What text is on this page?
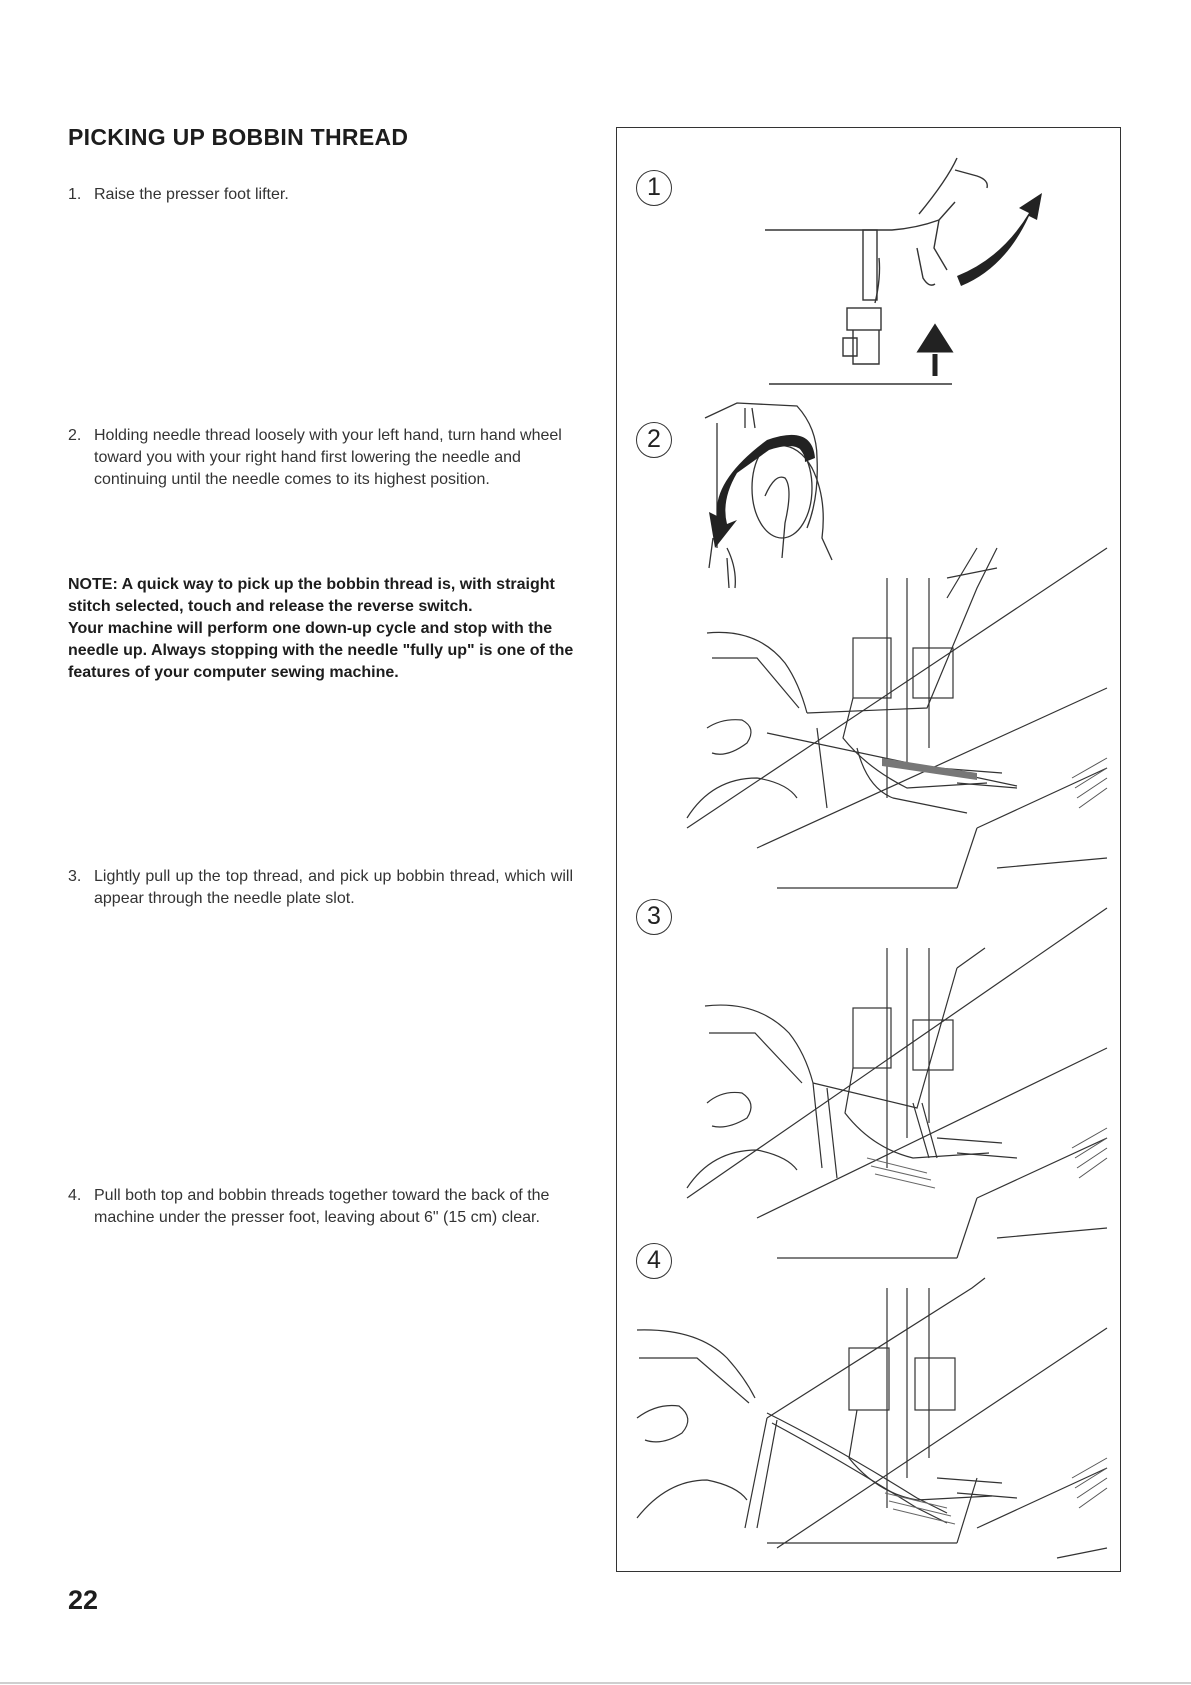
PICKING UP BOBBIN THREAD
1. Raise the presser foot lifter.
2. Holding needle thread loosely with your left hand, turn hand wheel toward you with your right hand first lowering the needle and continuing until the needle comes to its highest position.

NOTE: A quick way to pick up the bobbin thread is, with straight stitch selected, touch and release the reverse switch.

Your machine will perform one down-up cycle and stop with the needle up. Always stopping with the needle "fully up" is one of the features of your computer sewing machine.

3. Lightly pull up the top thread, and pick up bobbin thread, which will appear through the needle plate slot.
4. Pull both top and bobbin threads together toward the back of the machine under the presser foot, leaving about 6" (15 cm) clear.
1
2
3
4
22
